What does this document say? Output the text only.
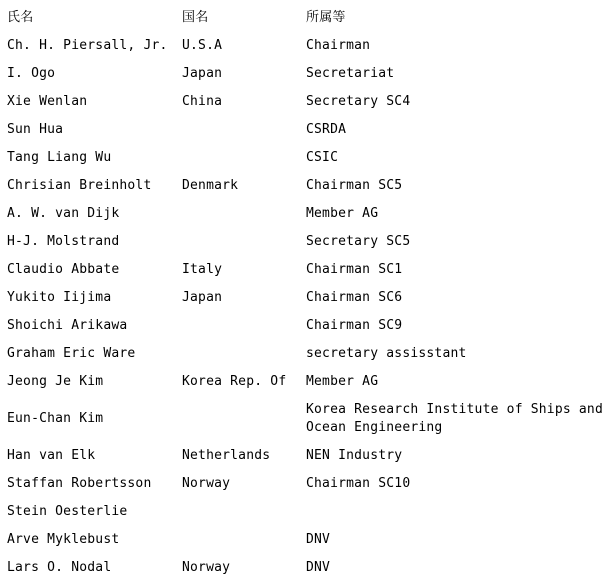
氏名	国名	所属等
Ch. H. Piersall, Jr.	U.S.A	Chairman
I. Ogo	Japan	Secretariat
Xie Wenlan	China	Secretary SC4
Sun Hua		CSRDA
Tang Liang Wu		CSIC
Chrisian Breinholt	Denmark	Chairman SC5
A. W. van Dijk		Member AG
H-J. Molstrand		Secretary SC5
Claudio Abbate	Italy	Chairman SC1
Yukito Iijima	Japan	Chairman SC6
Shoichi Arikawa		Chairman SC9
Graham Eric Ware		secretary assisstant
Jeong Je Kim	Korea Rep. Of	Member AG
Eun-Chan Kim		Korea Research Institute of Ships and Ocean Engineering
Han van Elk	Netherlands	NEN Industry
Staffan Robertsson	Norway	Chairman SC10
Stein Oesterlie		
Arve Myklebust		DNV
Lars O. Nodal	Norway	DNV
